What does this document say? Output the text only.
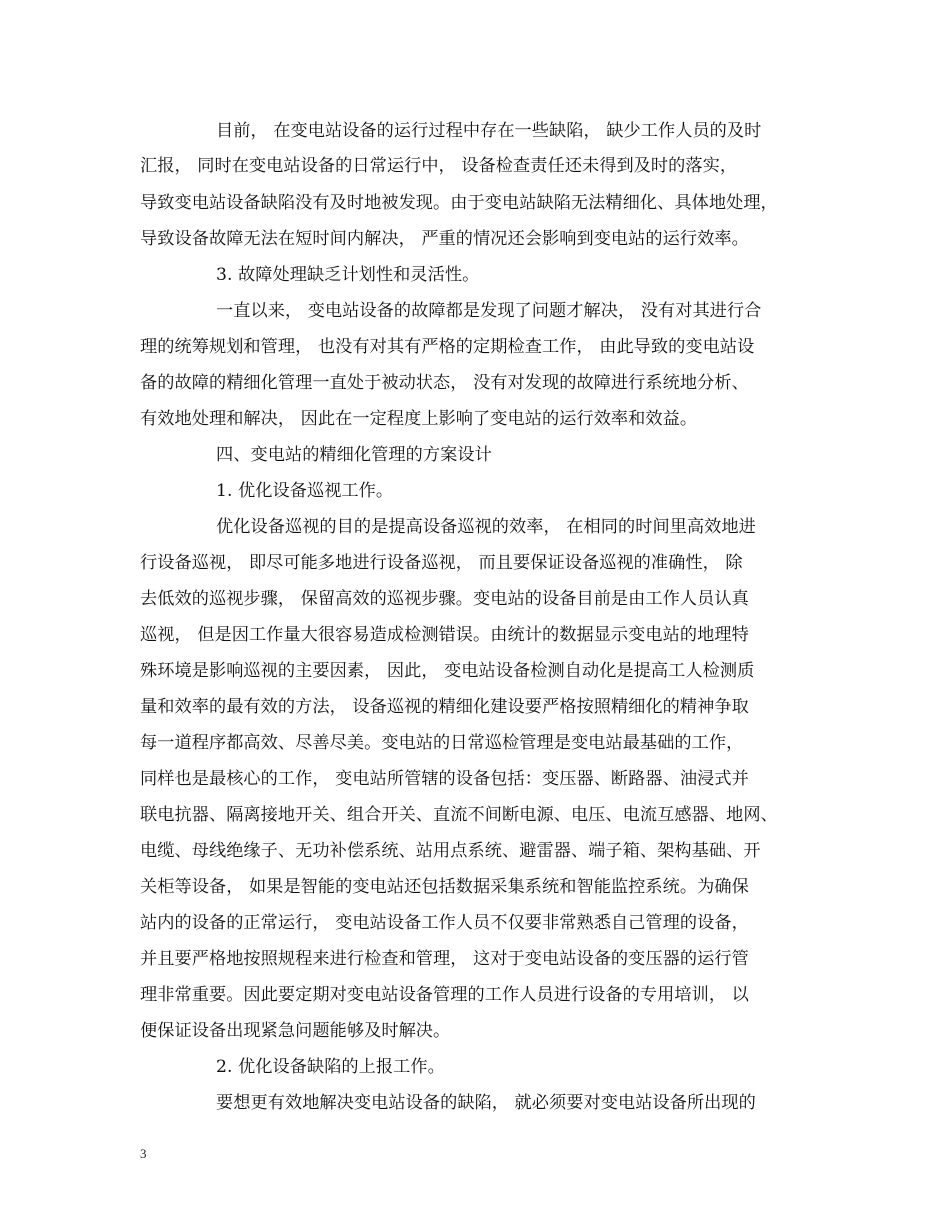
目前， 在变电站设备的运行过程中存在一些缺陷， 缺少工作人员的及时
汇报， 同时在变电站设备的日常运行中， 设备检查责任还未得到及时的落实，
导致变电站设备缺陷没有及时地被发现。由于变电站缺陷无法精细化、具体地处理，
导致设备故障无法在短时间内解决， 严重的情况还会影响到变电站的运行效率。
3. 故障处理缺乏计划性和灵活性。
一直以来， 变电站设备的故障都是发现了问题才解决， 没有对其进行合
理的统筹规划和管理， 也没有对其有严格的定期检查工作， 由此导致的变电站设
备的故障的精细化管理一直处于被动状态， 没有对发现的故障进行系统地分析、
有效地处理和解决， 因此在一定程度上影响了变电站的运行效率和效益。
四、变电站的精细化管理的方案设计
1. 优化设备巡视工作。
优化设备巡视的目的是提高设备巡视的效率， 在相同的时间里高效地进
行设备巡视， 即尽可能多地进行设备巡视， 而且要保证设备巡视的准确性， 除
去低效的巡视步骤， 保留高效的巡视步骤。变电站的设备目前是由工作人员认真
巡视， 但是因工作量大很容易造成检测错误。由统计的数据显示变电站的地理特
殊环境是影响巡视的主要因素， 因此， 变电站设备检测自动化是提高工人检测质
量和效率的最有效的方法， 设备巡视的精细化建设要严格按照精细化的精神争取
每一道程序都高效、尽善尽美。变电站的日常巡检管理是变电站最基础的工作，
同样也是最核心的工作， 变电站所管辖的设备包括：变压器、断路器、油浸式并
联电抗器、隔离接地开关、组合开关、直流不间断电源、电压、电流互感器、地网、
电缆、母线绝缘子、无功补偿系统、站用点系统、避雷器、端子箱、架构基础、开
关柜等设备， 如果是智能的变电站还包括数据采集系统和智能监控系统。为确保
站内的设备的正常运行， 变电站设备工作人员不仅要非常熟悉自己管理的设备，
并且要严格地按照规程来进行检查和管理， 这对于变电站设备的变压器的运行管
理非常重要。因此要定期对变电站设备管理的工作人员进行设备的专用培训， 以
便保证设备出现紧急问题能够及时解决。
2. 优化设备缺陷的上报工作。
要想更有效地解决变电站设备的缺陷， 就必须要对变电站设备所出现的
3
